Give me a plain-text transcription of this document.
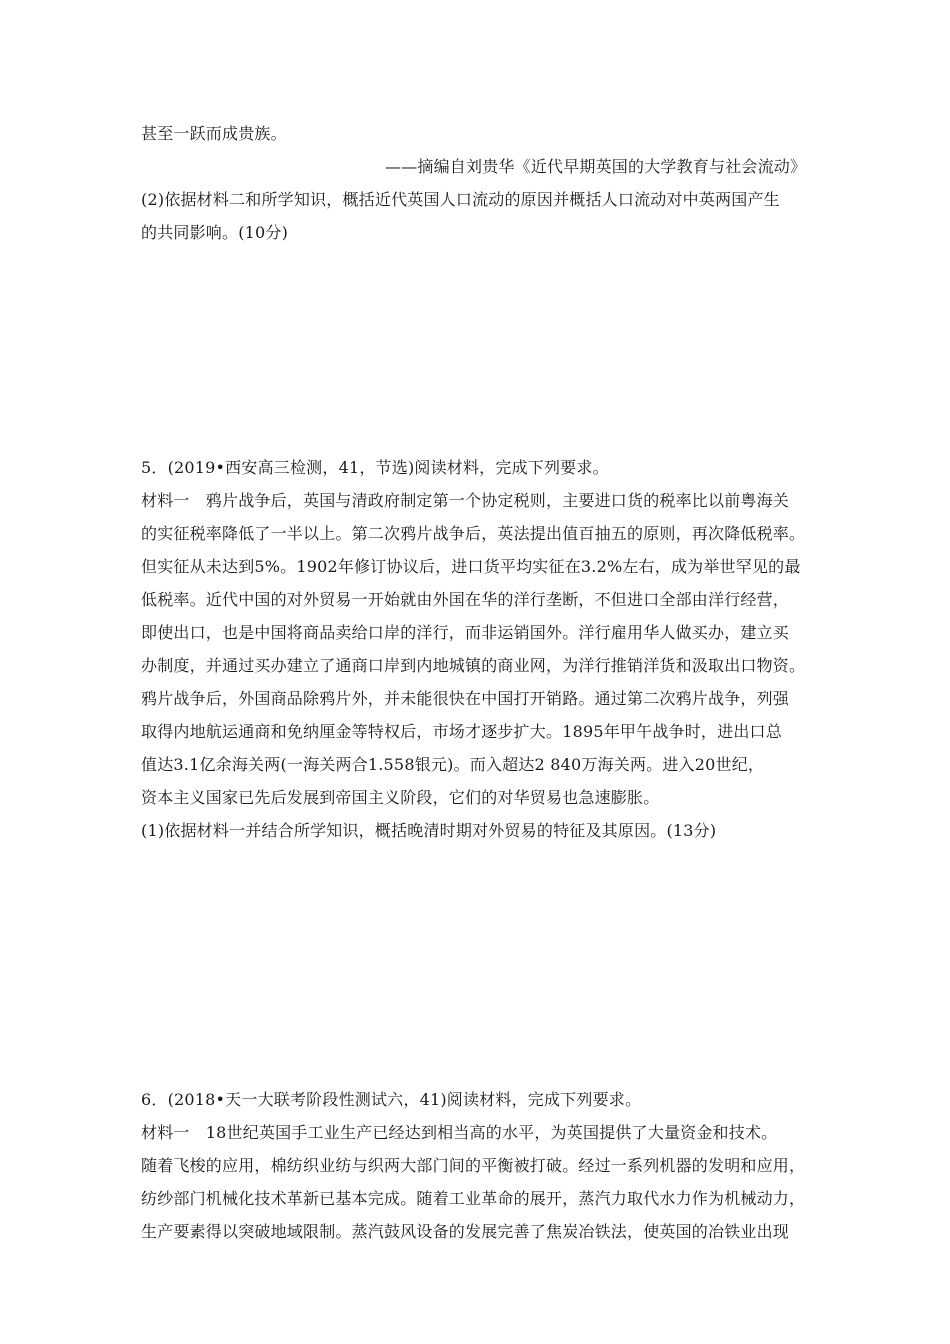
甚至一跃而成贵族。
——摘编自刘贵华《近代早期英国的大学教育与社会流动》
(2)依据材料二和所学知识，概括近代英国人口流动的原因并概括人口流动对中英两国产生
的共同影响。(10分)
5．(2019•西安高三检测，41，节选)阅读材料，完成下列要求。
材料一　鸦片战争后，英国与清政府制定第一个协定税则，主要进口货的税率比以前粤海关
的实征税率降低了一半以上。第二次鸦片战争后，英法提出值百抽五的原则，再次降低税率。
但实征从未达到5%。1902年修订协议后，进口货平均实征在3.2%左右，成为举世罕见的最
低税率。近代中国的对外贸易一开始就由外国在华的洋行垄断，不但进口全部由洋行经营，
即使出口，也是中国将商品卖给口岸的洋行，而非运销国外。洋行雇用华人做买办，建立买
办制度，并通过买办建立了通商口岸到内地城镇的商业网，为洋行推销洋货和汲取出口物资。
鸦片战争后，外国商品除鸦片外，并未能很快在中国打开销路。通过第二次鸦片战争，列强
取得内地航运通商和免纳厘金等特权后，市场才逐步扩大。1895年甲午战争时，进出口总
值达3.1亿余海关两(一海关两合1.558银元)。而入超达2 840万海关两。进入20世纪，
资本主义国家已先后发展到帝国主义阶段，它们的对华贸易也急速膨胀。
(1)依据材料一并结合所学知识，概括晚清时期对外贸易的特征及其原因。(13分)
6．(2018•天一大联考阶段性测试六，41)阅读材料，完成下列要求。
材料一　18世纪英国手工业生产已经达到相当高的水平，为英国提供了大量资金和技术。
随着飞梭的应用，棉纺织业纺与织两大部门间的平衡被打破。经过一系列机器的发明和应用，
纺纱部门机械化技术革新已基本完成。随着工业革命的展开，蒸汽力取代水力作为机械动力，
生产要素得以突破地域限制。蒸汽鼓风设备的发展完善了焦炭冶铁法，使英国的冶铁业出现
